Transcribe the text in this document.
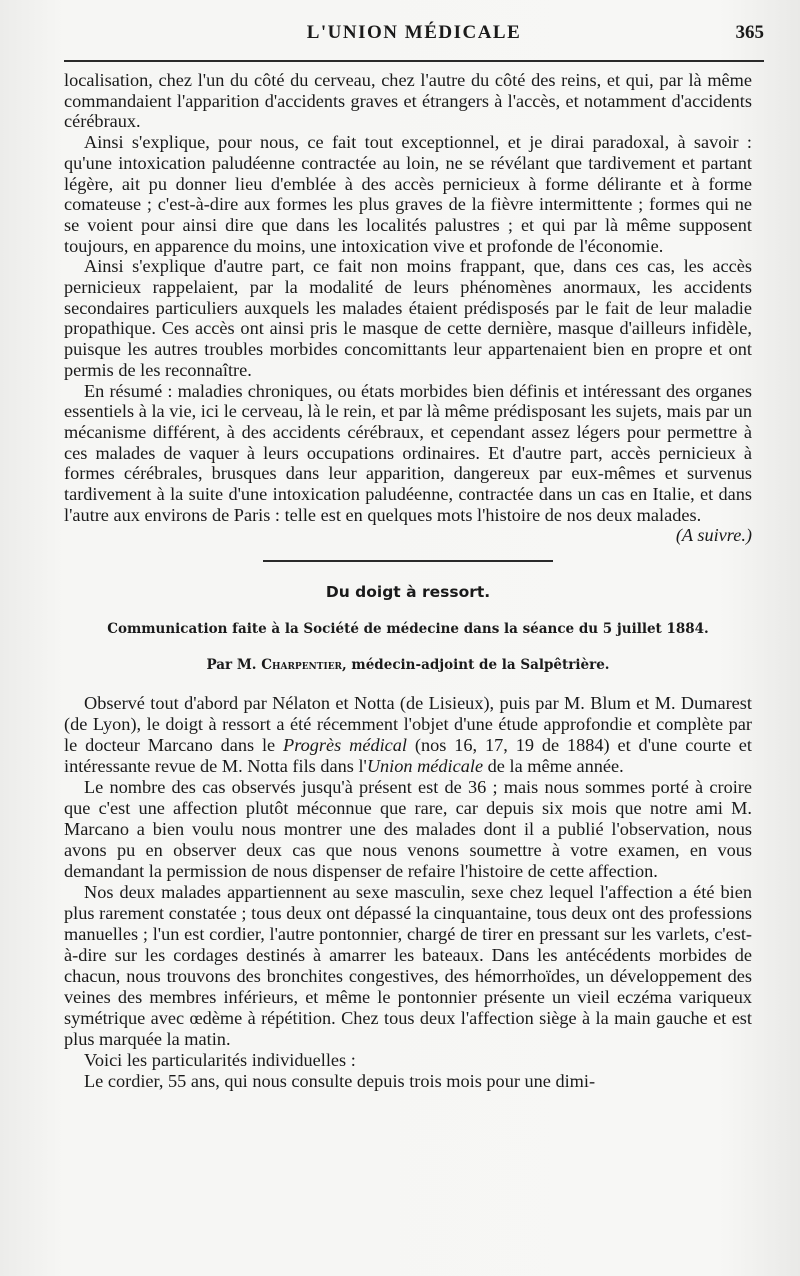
L'UNION MÉDICALE	365

localisation, chez l'un du côté du cerveau, chez l'autre du côté des reins, et qui, par là même commandaient l'apparition d'accidents graves et étrangers à l'accès, et notamment d'accidents cérébraux.

Ainsi s'explique, pour nous, ce fait tout exceptionnel, et je dirai paradoxal, à savoir : qu'une intoxication paludéenne contractée au loin, ne se révélant que tardivement et partant légère, ait pu donner lieu d'emblée à des accès pernicieux à forme délirante et à forme comateuse ; c'est-à-dire aux formes les plus graves de la fièvre intermittente ; formes qui ne se voient pour ainsi dire que dans les localités palustres ; et qui par là même supposent toujours, en apparence du moins, une intoxication vive et profonde de l'économie.

Ainsi s'explique d'autre part, ce fait non moins frappant, que, dans ces cas, les accès pernicieux rappelaient, par la modalité de leurs phénomènes anormaux, les accidents secondaires particuliers auxquels les malades étaient prédisposés par le fait de leur maladie propathique. Ces accès ont ainsi pris le masque de cette dernière, masque d'ailleurs infidèle, puisque les autres troubles morbides concomittants leur appartenaient bien en propre et ont permis de les reconnaître.

En résumé : maladies chroniques, ou états morbides bien définis et intéressant des organes essentiels à la vie, ici le cerveau, là le rein, et par là même prédisposant les sujets, mais par un mécanisme différent, à des accidents cérébraux, et cependant assez légers pour permettre à ces malades de vaquer à leurs occupations ordinaires. Et d'autre part, accès pernicieux à formes cérébrales, brusques dans leur apparition, dangereux par eux-mêmes et survenus tardivement à la suite d'une intoxication paludéenne, contractée dans un cas en Italie, et dans l'autre aux environs de Paris : telle est en quelques mots l'histoire de nos deux malades.

(A suivre.)
Du doigt à ressort.
Communication faite à la Société de médecine dans la séance du 5 juillet 1884.
Par M. Charpentier, médecin-adjoint de la Salpêtrière.

Observé tout d'abord par Nélaton et Notta (de Lisieux), puis par M. Blum et M. Dumarest (de Lyon), le doigt à ressort a été récemment l'objet d'une étude approfondie et complète par le docteur Marcano dans le Progrès médical (nos 16, 17, 19 de 1884) et d'une courte et intéressante revue de M. Notta fils dans l'Union médicale de la même année.

Le nombre des cas observés jusqu'à présent est de 36 ; mais nous sommes porté à croire que c'est une affection plutôt méconnue que rare, car depuis six mois que notre ami M. Marcano a bien voulu nous montrer une des malades dont il a publié l'observation, nous avons pu en observer deux cas que nous venons soumettre à votre examen, en vous demandant la permission de nous dispenser de refaire l'histoire de cette affection.

Nos deux malades appartiennent au sexe masculin, sexe chez lequel l'affection a été bien plus rarement constatée ; tous deux ont dépassé la cinquantaine, tous deux ont des professions manuelles ; l'un est cordier, l'autre pontonnier, chargé de tirer en pressant sur les varlets, c'est-à-dire sur les cordages destinés à amarrer les bateaux. Dans les antécédents morbides de chacun, nous trouvons des bronchites congestives, des hémorrhoïdes, un développement des veines des membres inférieurs, et même le pontonnier présente un vieil eczéma variqueux symétrique avec œdème à répétition. Chez tous deux l'affection siège à la main gauche et est plus marquée la matin.

Voici les particularités individuelles :

Le cordier, 55 ans, qui nous consulte depuis trois mois pour une dimi-
